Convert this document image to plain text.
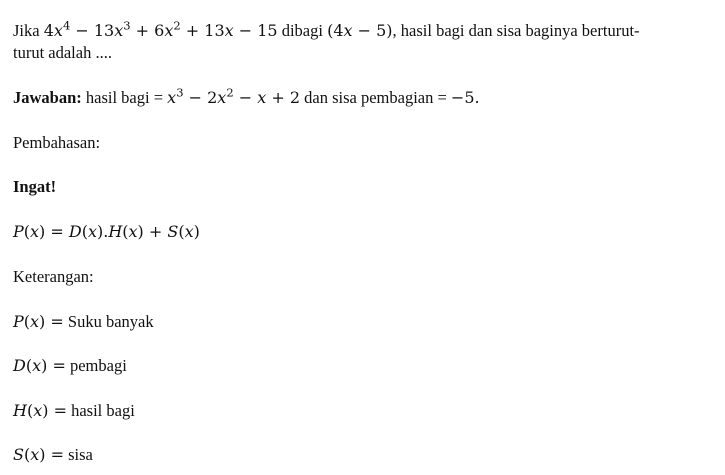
Jika $4x^4 - 13x^3 + 6x^2 + 13x - 15$ dibagi (4x − 5), hasil bagi dan sisa baginya berturut-
turut adalah ....
Jawaban: hasil bagi = $x^3 - 2x^2 - x + 2$ dan sisa pembagian = −5.
Pembahasan:
Ingat!
P(x) = D(x).H(x) + S(x)
Keterangan:
P(x) = Suku banyak
D(x) = pembagi
H(x) = hasil bagi
S(x) = sisa
